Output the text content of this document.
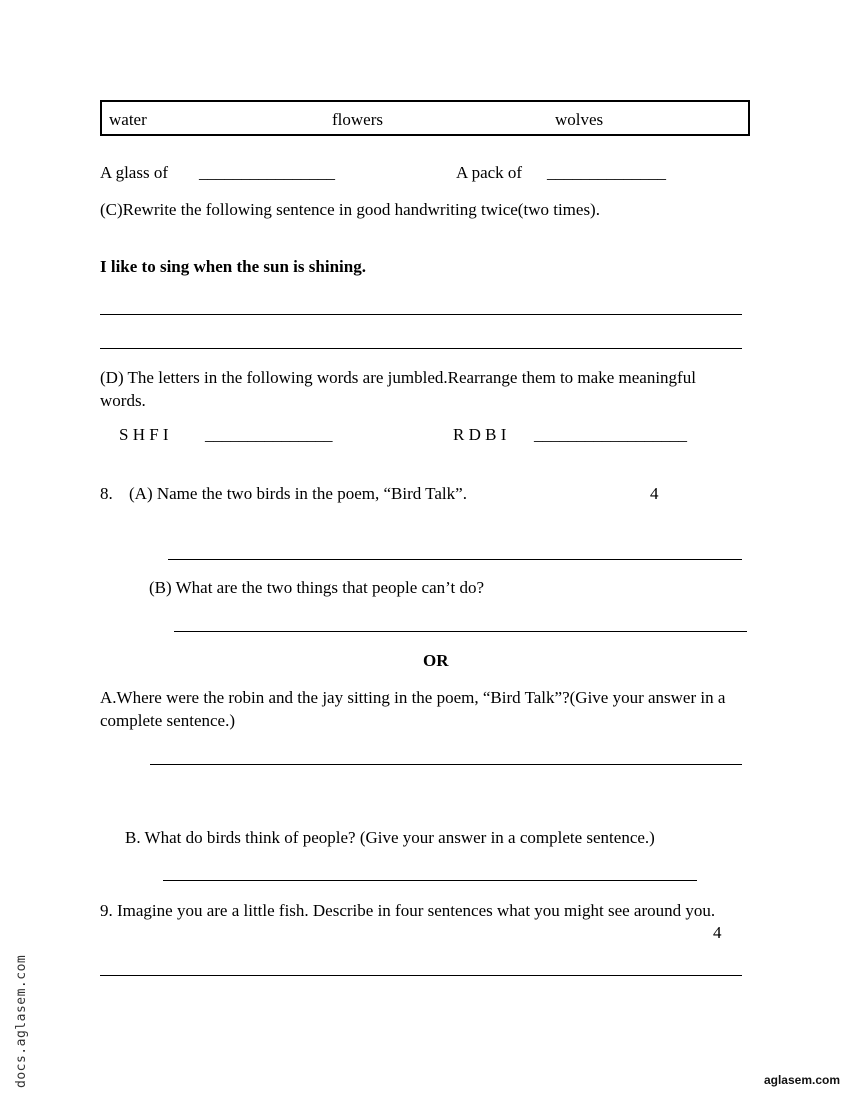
water	flowers	wolves
A glass of ________________	A pack of ______________
(C)Rewrite the following sentence in good handwriting twice(two times).
I like to sing when the sun is shining.
(D) The letters in the following words are jumbled.Rearrange them to make meaningful words.
S H F I _______________	R D B I __________________
8. (A) Name the two birds in the poem, “Bird Talk”.	4
(B) What are the two things that people can’t do?
OR
A.Where were the robin and the jay sitting in the poem, “Bird Talk”?(Give your answer in a complete sentence.)
B. What do birds think of people? (Give your answer in a complete sentence.)
9. Imagine you are a little fish. Describe in four sentences what you might see around you.
4
docs.aglasem.com	aglasem.com
